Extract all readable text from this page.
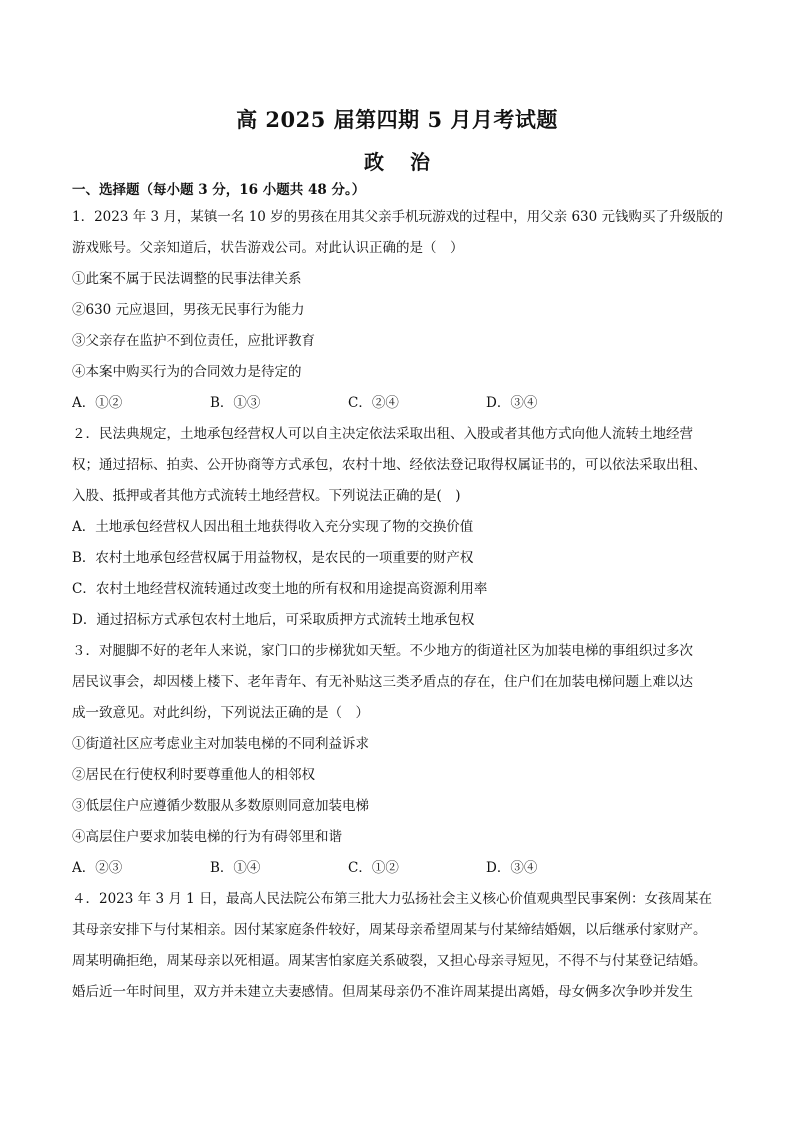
高 2025 届第四期 5 月月考试题
政治
一、选择题（每小题 3 分，16 小题共 48 分。）
1．2023 年 3 月，某镇一名 10 岁的男孩在用其父亲手机玩游戏的过程中，用父亲 630 元钱购买了升级版的
游戏账号。父亲知道后，状告游戏公司。对此认识正确的是（　）
①此案不属于民法调整的民事法律关系
②630 元应退回，男孩无民事行为能力
③父亲存在监护不到位责任，应批评教育
④本案中购买行为的合同效力是待定的
A．①②	B．①③	C．②④	D．③④
２．民法典规定，土地承包经营权人可以自主决定依法采取出租、入股或者其他方式向他人流转土地经营
权；通过招标、拍卖、公开协商等方式承包，农村十地、经依法登记取得权属证书的，可以依法采取出租、
入股、抵押或者其他方式流转土地经营权。下列说法正确的是(　)
A．土地承包经营权人因出租土地获得收入充分实现了物的交换价值
B．农村土地承包经营权属于用益物权，是农民的一项重要的财产权
C．农村土地经营权流转通过改变土地的所有权和用途提高资源利用率
D．通过招标方式承包农村土地后，可采取质押方式流转土地承包权
３．对腿脚不好的老年人来说，家门口的步梯犹如天堑。不少地方的街道社区为加装电梯的事组织过多次
居民议事会，却因楼上楼下、老年青年、有无补贴这三类矛盾点的存在，住户们在加装电梯问题上难以达
成一致意见。对此纠纷，下列说法正确的是（　）
①街道社区应考虑业主对加装电梯的不同利益诉求
②居民在行使权利时要尊重他人的相邻权
③低层住户应遵循少数服从多数原则同意加装电梯
④高层住户要求加装电梯的行为有碍邻里和谐
A．②③	B．①④	C．①②	D．③④
４．2023 年 3 月 1 日，最高人民法院公布第三批大力弘扬社会主义核心价值观典型民事案例：女孩周某在
其母亲安排下与付某相亲。因付某家庭条件较好，周某母亲希望周某与付某缔结婚姻，以后继承付家财产。
周某明确拒绝，周某母亲以死相逼。周某害怕家庭关系破裂，又担心母亲寻短见，不得不与付某登记结婚。
婚后近一年时间里，双方并未建立夫妻感情。但周某母亲仍不准许周某提出离婚，母女俩多次争吵并发生
